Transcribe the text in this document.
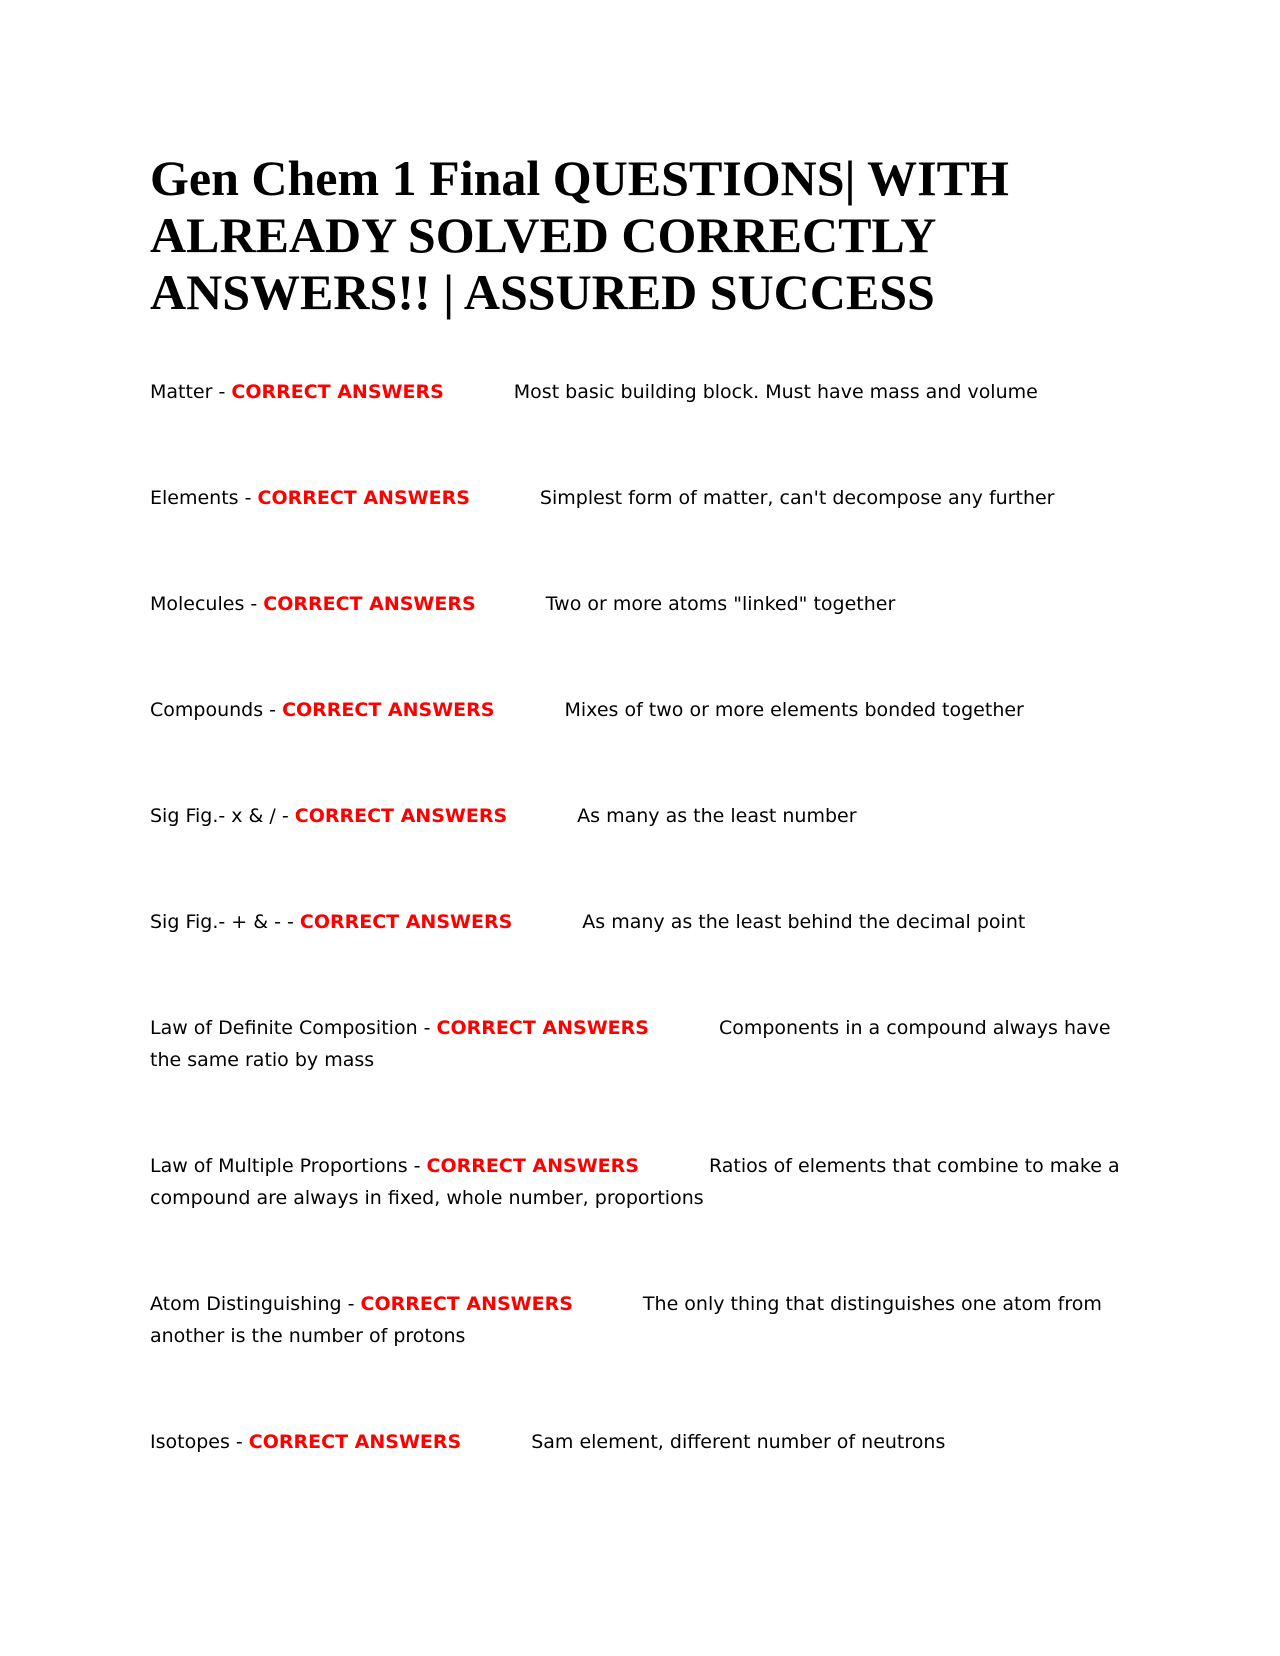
Gen Chem 1 Final QUESTIONS| WITH
ALREADY SOLVED CORRECTLY
ANSWERS!! | ASSURED SUCCESS

Matter - CORRECT ANSWERS	Most basic building block. Must have mass and volume

Elements - CORRECT ANSWERS	Simplest form of matter, can't decompose any further

Molecules - CORRECT ANSWERS	Two or more atoms "linked" together

Compounds - CORRECT ANSWERS	Mixes of two or more elements bonded together

Sig Fig.- x & / - CORRECT ANSWERS	As many as the least number

Sig Fig.- + & - - CORRECT ANSWERS	As many as the least behind the decimal point

Law of Definite Composition - CORRECT ANSWERS	Components in a compound always have the same ratio by mass

Law of Multiple Proportions - CORRECT ANSWERS	Ratios of elements that combine to make a compound are always in fixed, whole number, proportions

Atom Distinguishing - CORRECT ANSWERS	The only thing that distinguishes one atom from another is the number of protons

Isotopes - CORRECT ANSWERS	Sam element, different number of neutrons
